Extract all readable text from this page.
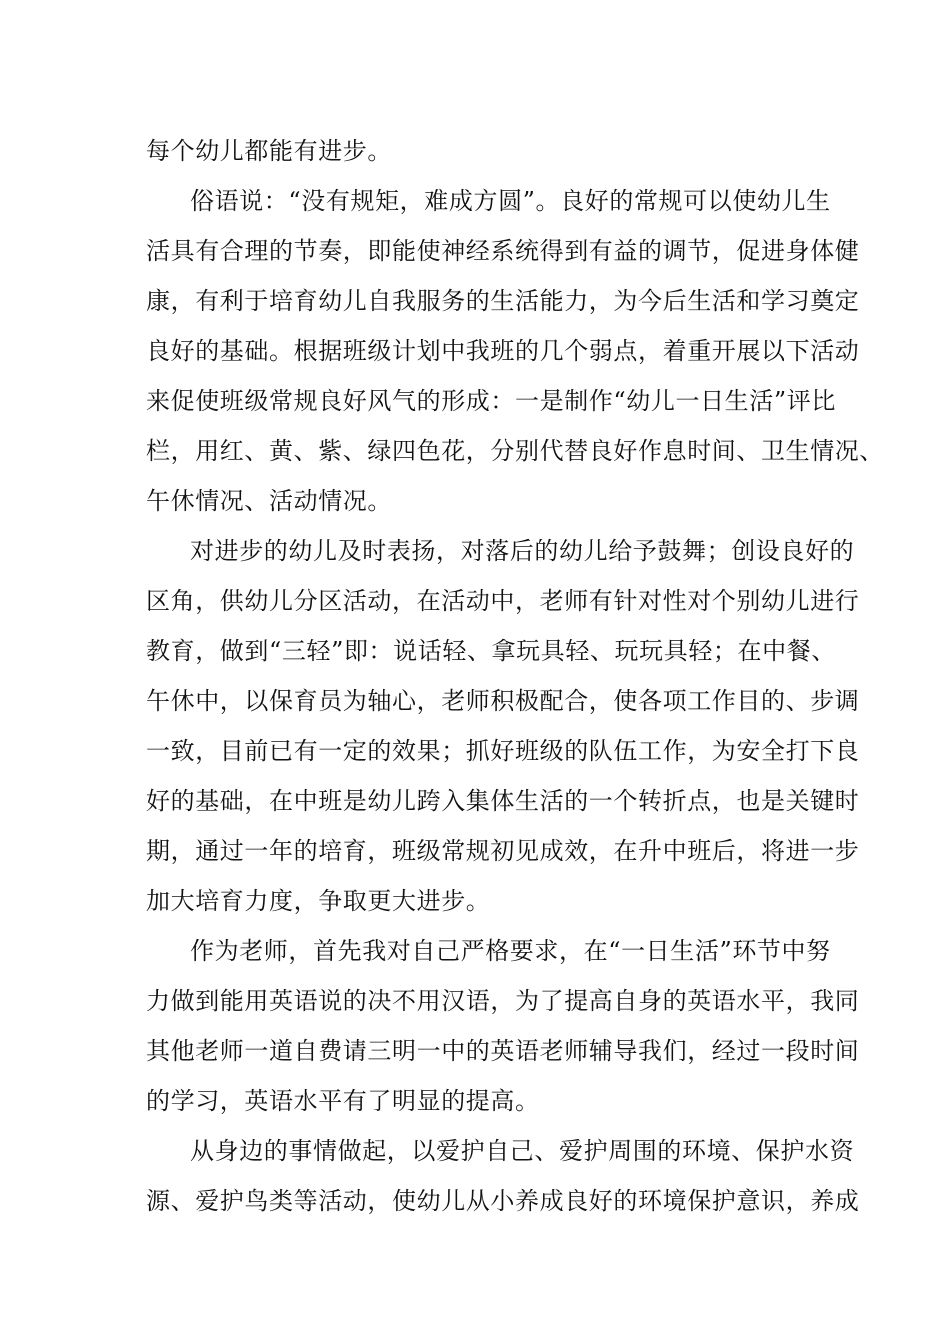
每个幼儿都能有进步。
俗语说：“没有规矩，难成方圆”。良好的常规可以使幼儿生
活具有合理的节奏，即能使神经系统得到有益的调节，促进身体健
康，有利于培育幼儿自我服务的生活能力，为今后生活和学习奠定
良好的基础。根据班级计划中我班的几个弱点，着重开展以下活动
来促使班级常规良好风气的形成：一是制作“幼儿一日生活”评比
栏，用红、黄、紫、绿四色花，分别代替良好作息时间、卫生情况、
午休情况、活动情况。
对进步的幼儿及时表扬，对落后的幼儿给予鼓舞；创设良好的
区角，供幼儿分区活动，在活动中，老师有针对性对个别幼儿进行
教育，做到“三轻”即：说话轻、拿玩具轻、玩玩具轻；在中餐、
午休中，以保育员为轴心，老师积极配合，使各项工作目的、步调
一致，目前已有一定的效果；抓好班级的队伍工作，为安全打下良
好的基础，在中班是幼儿跨入集体生活的一个转折点，也是关键时
期，通过一年的培育，班级常规初见成效，在升中班后，将进一步
加大培育力度，争取更大进步。
作为老师，首先我对自己严格要求，在“一日生活”环节中努
力做到能用英语说的决不用汉语，为了提高自身的英语水平，我同
其他老师一道自费请三明一中的英语老师辅导我们，经过一段时间
的学习，英语水平有了明显的提高。
从身边的事情做起，以爱护自己、爱护周围的环境、保护水资
源、爱护鸟类等活动，使幼儿从小养成良好的环境保护意识，养成
